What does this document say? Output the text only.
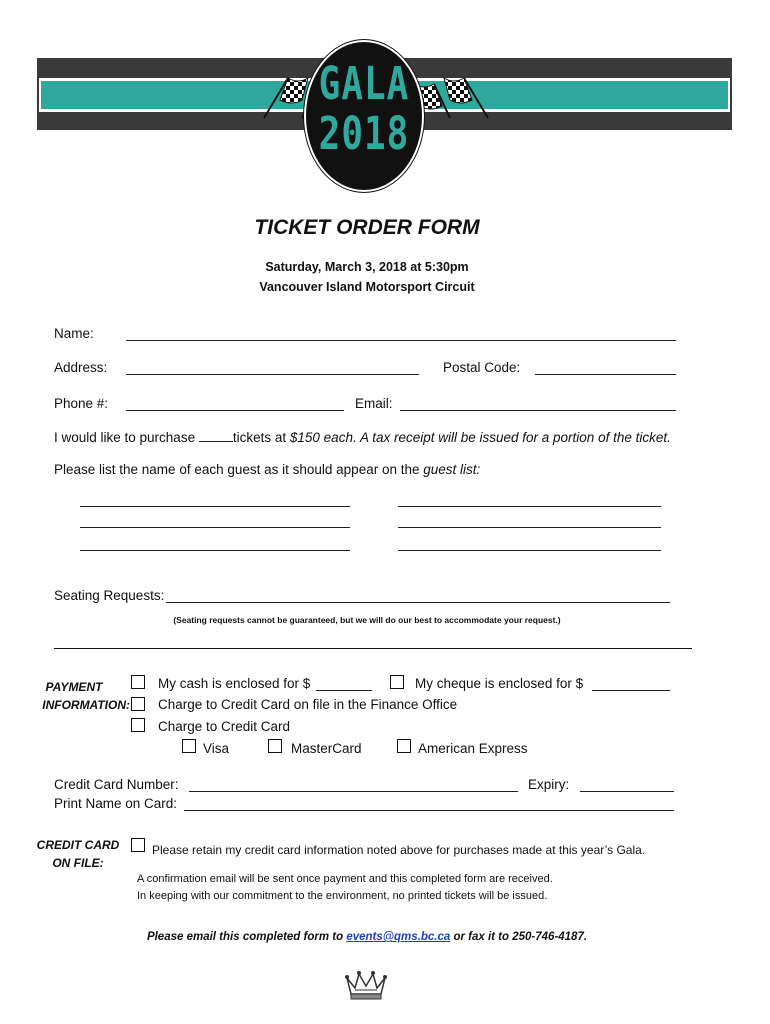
GALA
2018
TICKET ORDER FORM
Saturday, March 3, 2018 at 5:30pm
Vancouver Island Motorsport Circuit
Name:
Address:	Postal Code:
Phone #:	Email:
I would like to purchase	tickets at $150 each. A tax receipt will be issued for a portion of the ticket.
Please list the name of each guest as it should appear on the guest list:
Seating Requests:
(Seating requests cannot be guaranteed, but we will do our best to accommodate your request.)
PAYMENT
INFORMATION:
My cash is enclosed for $	My cheque is enclosed for $
Charge to Credit Card on file in the Finance Office
Charge to Credit Card
Visa	MasterCard	American Express
Credit Card Number:	Expiry:
Print Name on Card:
CREDIT CARD
ON FILE:
Please retain my credit card information noted above for purchases made at this year’s Gala.
A confirmation email will be sent once payment and this completed form are received.
In keeping with our commitment to the environment, no printed tickets will be issued.
Please email this completed form to events@qms.bc.ca or fax it to 250-746-4187.
